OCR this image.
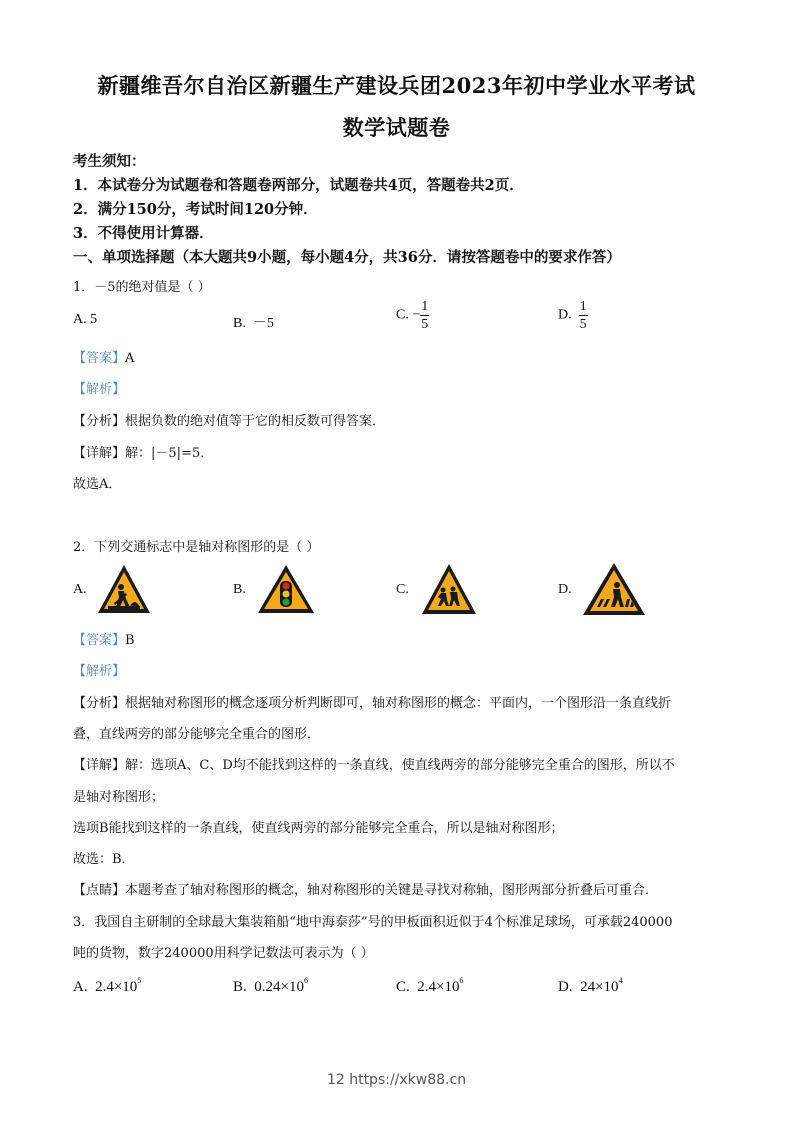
新疆维吾尔自治区新疆生产建设兵团2023年初中学业水平考试
数学试题卷
考生须知：
1．本试卷分为试题卷和答题卷两部分，试题卷共4页，答题卷共2页．
2．满分150分，考试时间120分钟．
3．不得使用计算器．
一、单项选择题（本大题共9小题，每小题4分，共36分．请按答题卷中的要求作答）
1．－5的绝对值是（ ）
A. 5	B. －5
C. − $\frac{1}{5}$	D. $\frac{1}{5}$
【答案】A
【解析】
【分析】根据负数的绝对值等于它的相反数可得答案．
【详解】解：|－5|=5．
故选A．
2．下列交通标志中是轴对称图形的是（ ）
A.	B.	C.	D.
【答案】B
【解析】
【分析】根据轴对称图形的概念逐项分析判断即可，轴对称图形的概念：平面内，一个图形沿一条直线折
叠，直线两旁的部分能够完全重合的图形．
【详解】解：选项A、C、D均不能找到这样的一条直线，使直线两旁的部分能够完全重合的图形，所以不
是轴对称图形；
选项B能找到这样的一条直线，使直线两旁的部分能够完全重合，所以是轴对称图形；
故选：B．
【点睛】本题考查了轴对称图形的概念，轴对称图形的关键是寻找对称轴，图形两部分折叠后可重合．
3．我国自主研制的全球最大集装箱船“地中海泰莎”号的甲板面积近似于4个标准足球场，可承载240000
吨的货物，数字240000用科学记数法可表示为（ ）
A. $2.4\times 10^5$	B. $0.24\times 10^6$	C. $2.4\times 10^6$	D. $24\times 10^4$
12 https://xkw88.cn
